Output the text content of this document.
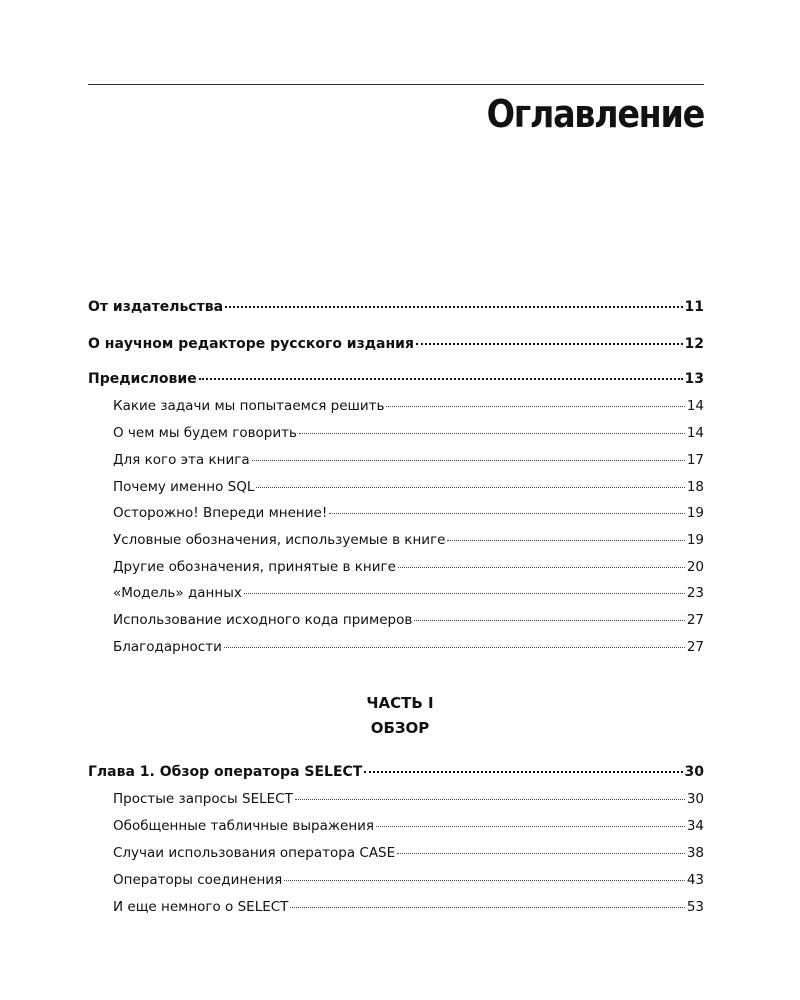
Оглавление
От издательства	11
О научном редакторе русского издания	12
Предисловие	13
Какие задачи мы попытаемся решить	14
О чем мы будем говорить	14
Для кого эта книга	17
Почему именно SQL	18
Осторожно! Впереди мнение!	19
Условные обозначения, используемые в книге	19
Другие обозначения, принятые в книге	20
«Модель» данных	23
Использование исходного кода примеров	27
Благодарности	27
Глава 1. Обзор оператора SELECT	30
Простые запросы SELECT	30
Обобщенные табличные выражения	34
Случаи использования оператора CASE	38
Операторы соединения	43
И еще немного о SELECT	53
ЧАСТЬ I
ОБЗОР
